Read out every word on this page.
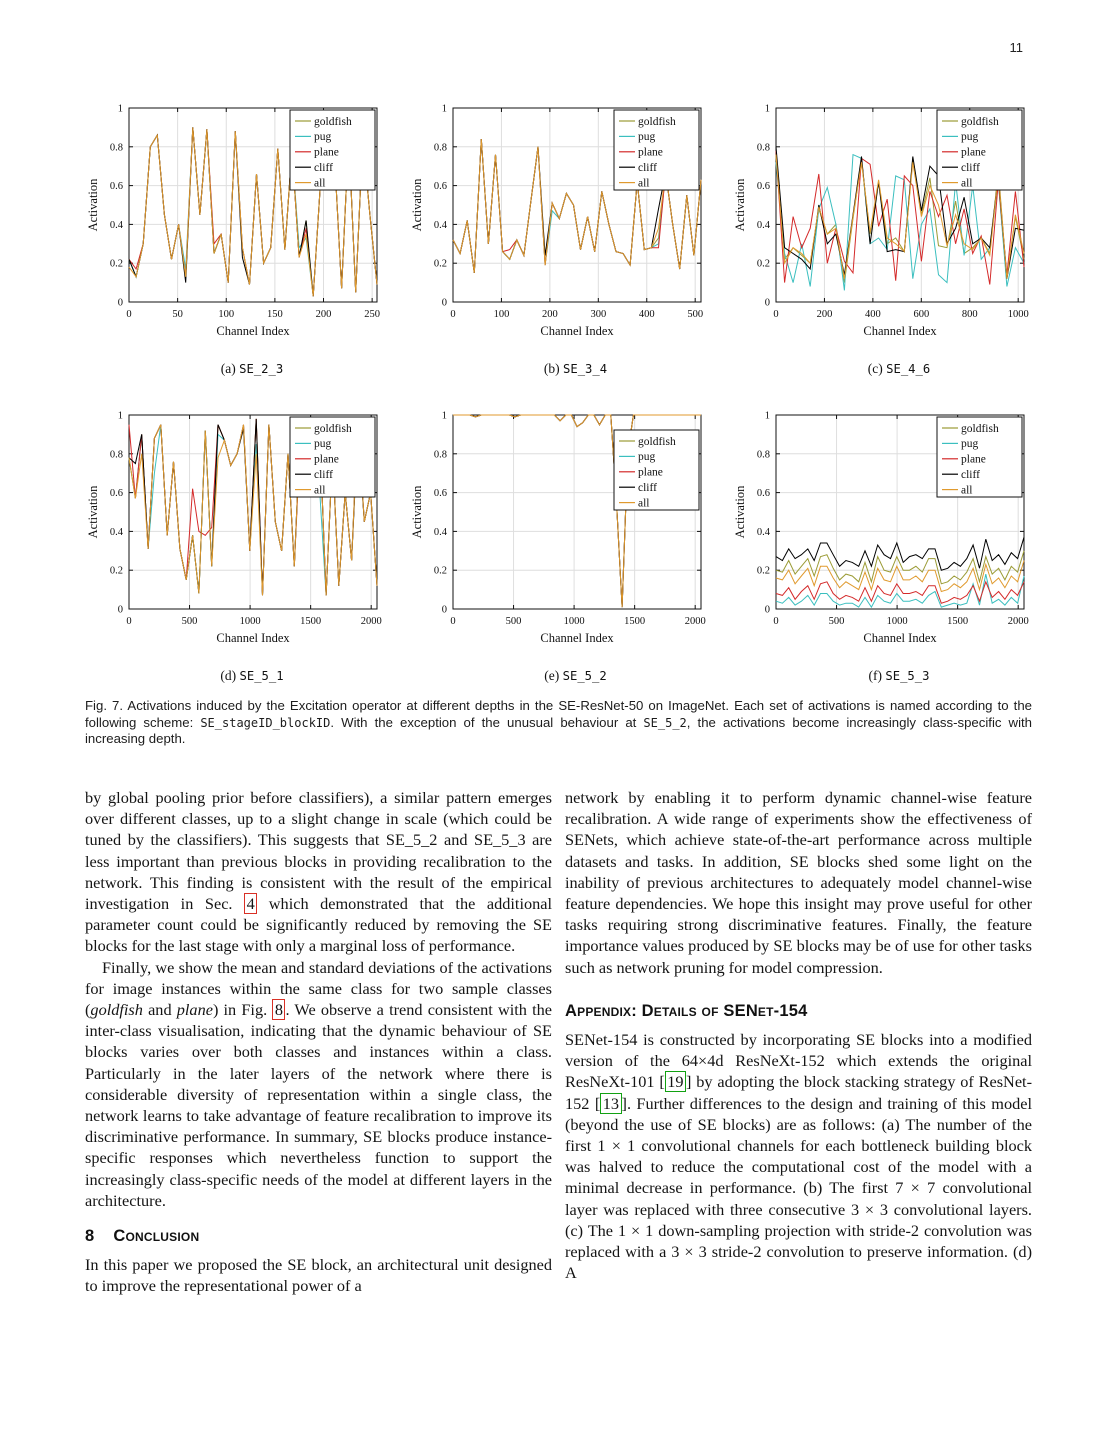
11
0	50	100	150	200	250
0
0.2
0.4
0.6
0.8
1
Activation
Channel Index
goldfish
pug
plane
cliff
all
(a) SE_2_3
0	100	200	300	400	500
0
0.2
0.4
0.6
0.8
1
Activation
Channel Index
goldfish
pug
plane
cliff
all
(b) SE_3_4
0	200	400	600	800	1000
0
0.2
0.4
0.6
0.8
1
Activation
Channel Index
goldfish
pug
plane
cliff
all
(c) SE_4_6
0	500	1000	1500	2000
0
0.2
0.4
0.6
0.8
1
Activation
Channel Index
goldfish
pug
plane
cliff
all
(d) SE_5_1
0	500	1000	1500	2000
0
0.2
0.4
0.6
0.8
1
Activation
Channel Index
goldfish
pug
plane
cliff
all
(e) SE_5_2
0	500	1000	1500	2000
0
0.2
0.4
0.6
0.8
1
Activation
Channel Index
goldfish
pug
plane
cliff
all
(f) SE_5_3
Fig. 7. Activations induced by the Excitation operator at different depths in the SE-ResNet-50 on ImageNet. Each set of activations is named according to the following scheme: SE_stageID_blockID. With the exception of the unusual behaviour at SE_5_2, the activations become increasingly class-specific with increasing depth.

by global pooling prior before classifiers), a similar pattern emerges over different classes, up to a slight change in scale (which could be tuned by the classifiers). This suggests that SE_5_2 and SE_5_3 are less important than previous blocks in providing recalibration to the network. This finding is consistent with the result of the empirical investigation in Sec. 4 which demonstrated that the additional parameter count could be significantly reduced by removing the SE blocks for the last stage with only a marginal loss of performance.

Finally, we show the mean and standard deviations of the activations for image instances within the same class for two sample classes (goldfish and plane) in Fig. 8 . We observe a trend consistent with the inter-class visualisation, indicating that the dynamic behaviour of SE blocks varies over both classes and instances within a class. Particularly in the later layers of the network where there is considerable diversity of representation within a single class, the network learns to take advantage of feature recalibration to improve its discriminative performance. In summary, SE blocks produce instance-specific responses which nevertheless function to support the increasingly class-specific needs of the model at different layers in the architecture.

8 Conclusion

In this paper we proposed the SE block, an architectural unit designed to improve the representational power of a

network by enabling it to perform dynamic channel-wise feature recalibration. A wide range of experiments show the effectiveness of SENets, which achieve state-of-the-art performance across multiple datasets and tasks. In addition, SE blocks shed some light on the inability of previous architectures to adequately model channel-wise feature dependencies. We hope this insight may prove useful for other tasks requiring strong discriminative features. Finally, the feature importance values produced by SE blocks may be of use for other tasks such as network pruning for model compression.

Appendix: Details of SENet-154

SENet-154 is constructed by incorporating SE blocks into a modified version of the 64×4d ResNeXt-152 which extends the original ResNeXt-101 [ 19 ] by adopting the block stacking strategy of ResNet-152 [ 13 ]. Further differences to the design and training of this model (beyond the use of SE blocks) are as follows: (a) The number of the first 1 × 1 convolutional channels for each bottleneck building block was halved to reduce the computational cost of the model with a minimal decrease in performance. (b) The first 7 × 7 convolutional layer was replaced with three consecutive 3 × 3 convolutional layers. (c) The 1 × 1 down-sampling projection with stride-2 convolution was replaced with a 3 × 3 stride-2 convolution to preserve information. (d) A
